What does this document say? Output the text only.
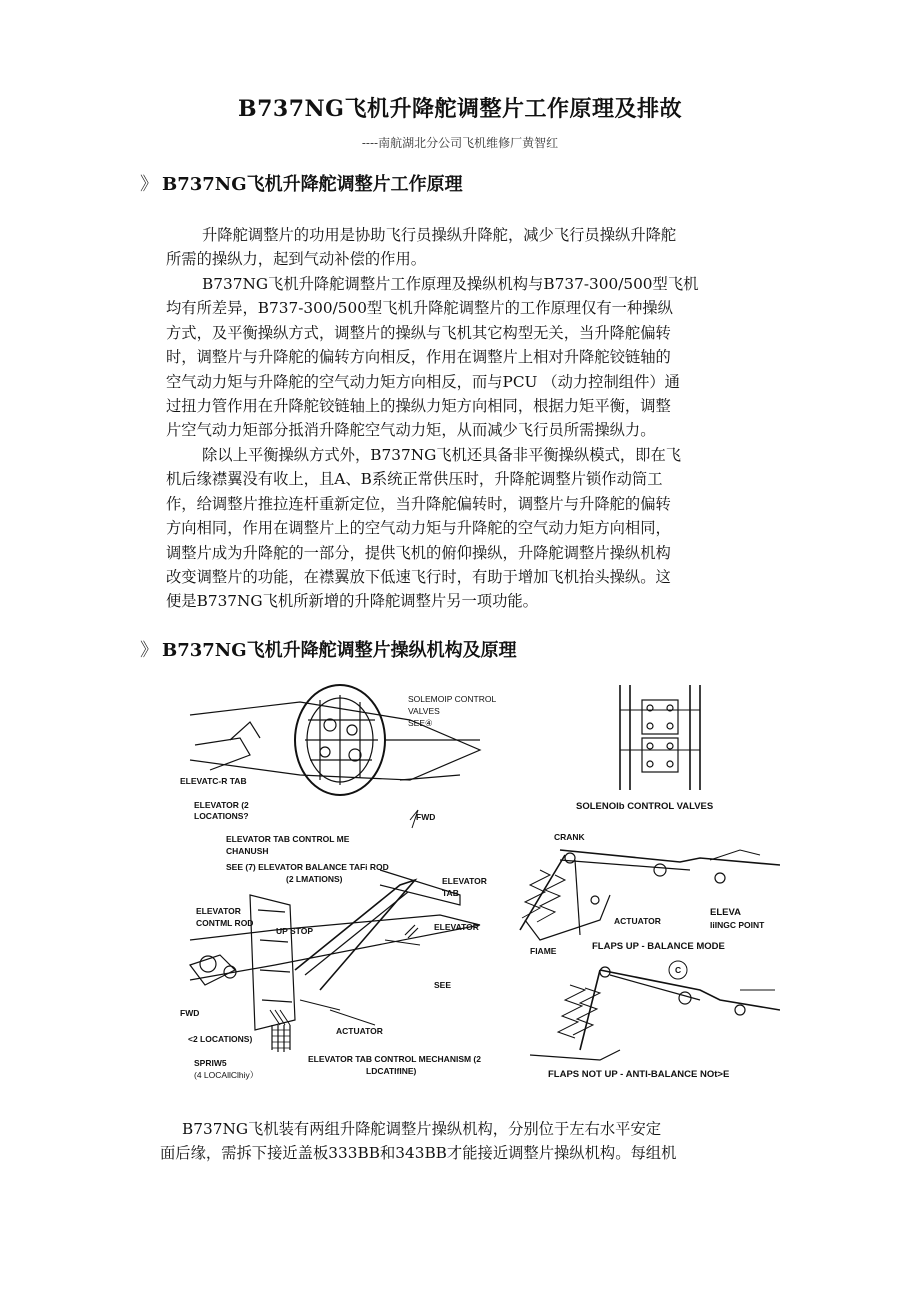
B737NG飞机升降舵调整片工作原理及排故
----南航湖北分公司飞机维修厂黄智红
》 B737NG飞机升降舵调整片工作原理
升降舵调整片的功用是协助飞行员操纵升降舵，减少飞行员操纵升降舵
所需的操纵力，起到气动补偿的作用。
B737NG飞机升降舵调整片工作原理及操纵机构与B737-300/500型飞机
均有所差异，B737-300/500型飞机升降舵调整片的工作原理仅有一种操纵
方式，及平衡操纵方式，调整片的操纵与飞机其它构型无关，当升降舵偏转
时，调整片与升降舵的偏转方向相反，作用在调整片上相对升降舵铰链轴的
空气动力矩与升降舵的空气动力矩方向相反，而与PCU （动力控制组件）通
过扭力管作用在升降舵铰链轴上的操纵力矩方向相同，根据力矩平衡，调整
片空气动力矩部分抵消升降舵空气动力矩，从而减少飞行员所需操纵力。
除以上平衡操纵方式外，B737NG飞机还具备非平衡操纵模式，即在飞
机后缘襟翼没有收上，且A、B系统正常供压时，升降舵调整片锁作动筒工
作，给调整片推拉连杆重新定位，当升降舵偏转时，调整片与升降舵的偏转
方向相同，作用在调整片上的空气动力矩与升降舵的空气动力矩方向相同，
调整片成为升降舵的一部分，提供飞机的俯仰操纵，升降舵调整片操纵机构
改变调整片的功能，在襟翼放下低速飞行时，有助于增加飞机抬头操纵。这
便是B737NG飞机所新增的升降舵调整片另一项功能。
》 B737NG飞机升降舵调整片操纵机构及原理
SOLEMOIP CONTROL
VALVES
SEE④
ELEVATC-R TAB
ELEVATOR (2
LOCATIONS?	FWD
ELEVATOR TAB CONTROL ME
CHANUSH
SEE (7) ELEVATOR BALANCE TAFi ROD
(2 LMATIONS)	ELEVATOR
TAB
ELEVATOR
CONTML ROD
UP STOP	ELEVATOR
SEE
FWD
ACTUATOR
<2 LOCATIONS)
SPRIW5
(4 LOCAllClhiy）
ELEVATOR TAB CONTROL MECHANISM (2
LDCATIfINE)
SOLENOIb CONTROL VALVES
CRANK
ACTUATOR
ELEVA
IiINGC POINT
FIAME	FLAPS UP - BALANCE MODE
C
FLAPS NOT UP - ANTI-BALANCE NOt>E
B737NG飞机装有两组升降舵调整片操纵机构，分别位于左右水平安定
面后缘，需拆下接近盖板333BB和343BB才能接近调整片操纵机构。每组机
